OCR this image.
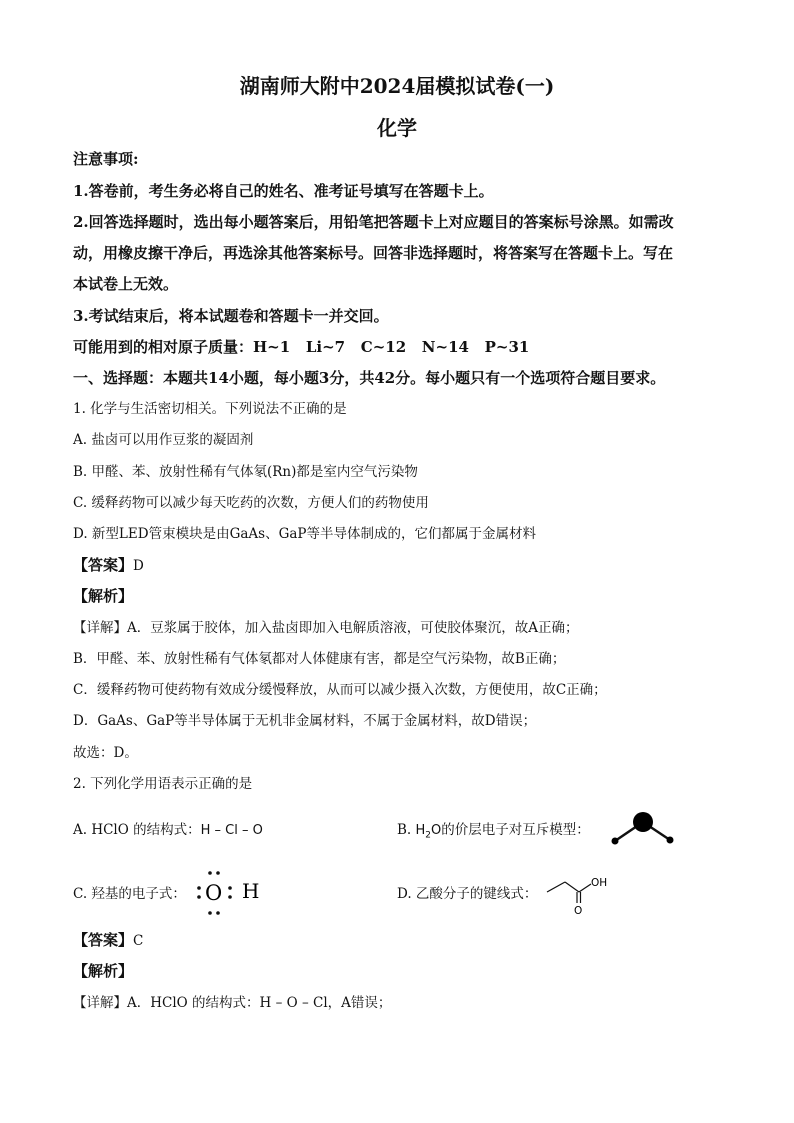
湖南师大附中2024届模拟试卷(一)
化学
注意事项:
1.答卷前，考生务必将自己的姓名、准考证号填写在答题卡上。
2.回答选择题时，选出每小题答案后，用铅笔把答题卡上对应题目的答案标号涂黑。如需改
动，用橡皮擦干净后，再选涂其他答案标号。回答非选择题时，将答案写在答题卡上。写在
本试卷上无效。
3.考试结束后，将本试题卷和答题卡一并交回。
可能用到的相对原子质量：H~1   Li~7   C~12   N~14   P~31
一、选择题：本题共14小题，每小题3分，共42分。每小题只有一个选项符合题目要求。
1. 化学与生活密切相关。下列说法不正确的是
A. 盐卤可以用作豆浆的凝固剂
B. 甲醛、苯、放射性稀有气体氡(Rn)都是室内空气污染物
C. 缓释药物可以减少每天吃药的次数，方便人们的药物使用
D. 新型LED管束模块是由GaAs、GaP等半导体制成的，它们都属于金属材料
【答案】D
【解析】
【详解】A．豆浆属于胶体，加入盐卤即加入电解质溶液，可使胶体聚沉，故A正确；
B．甲醛、苯、放射性稀有气体氡都对人体健康有害，都是空气污染物，故B正确；
C．缓释药物可使药物有效成分缓慢释放，从而可以减少摄入次数，方便使用，故C正确；
D．GaAs、GaP等半导体属于无机非金属材料，不属于金属材料，故D错误；
故选：D。
2. 下列化学用语表示正确的是
A. HClO 的结构式：H – Cl – O	B. $H_2O$的价层电子对互斥模型：
C. 羟基的电子式： O H	D. 乙酸分子的键线式：
OH
O
【答案】C
【解析】
【详解】A．HClO 的结构式：H – O – Cl，A错误；
